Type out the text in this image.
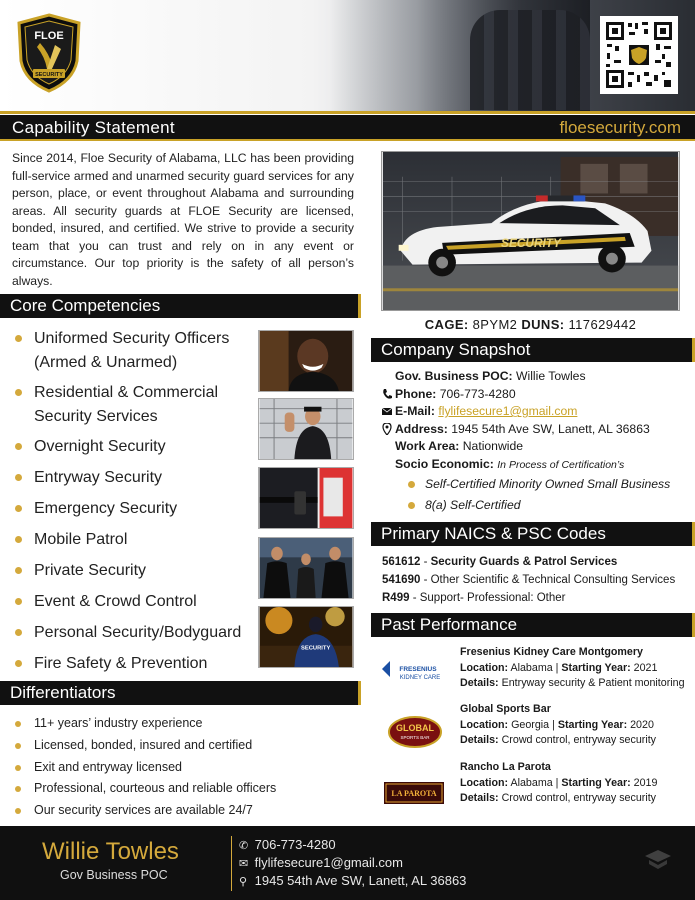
FLOE
SECURITY
Capability Statement	floesecurity.com

Since 2014, Floe Security of Alabama, LLC has been providing full-service armed and unarmed security guard services for any person, place, or event throughout Alabama and surrounding areas. All security guards at FLOE Security are licensed, bonded, insured, and certified. We strive to provide a security team that you can trust and rely on in any event or circumstance. Our top priority is the safety of all person’s always.

SECURITY
CAGE: 8PYM2 DUNS: 117629442
Core Competencies
Uniformed Security Officers (Armed & Unarmed)
Residential & Commercial Security Services
Overnight Security
Entryway Security
Emergency Security
Mobile Patrol
Private Security
Event & Crowd Control
Personal Security/Bodyguard
Fire Safety & Prevention
SECURITY
Company Snapshot
Gov. Business POC: Willie Towles
Phone: 706-773-4280
E-Mail: flylifesecure1@gmail.com
Address: 1945 54th Ave SW, Lanett, AL 36863
Work Area: Nationwide
Socio Economic: In Process of Certification’s
Self-Certified Minority Owned Small Business
8(a) Self-Certified
Primary NAICS & PSC Codes
561612 - Security Guards & Patrol Services
541690 - Other Scientific & Technical Consulting Services
R499 - Support- Professional: Other
Past Performance
FRESENIUS
KIDNEY CARE
Fresenius Kidney Care Montgomery
Location: Alabama | Starting Year: 2021
Details: Entryway security & Patient monitoring
GLOBAL
SPORTS BAR
Global Sports Bar
Location: Georgia | Starting Year: 2020
Details: Crowd control, entryway security
LA PAROTA
Rancho La Parota
Location: Alabama | Starting Year: 2019
Details: Crowd control, entryway security
Differentiators
11+ years’ industry experience
Licensed, bonded, insured and certified
Exit and entryway licensed
Professional, courteous and reliable officers
Our security services are available 24/7
Willie Towles
Gov Business POC
✆ 706-773-4280
✉ flylifesecure1@gmail.com
⚲ 1945 54th Ave SW, Lanett, AL 36863
